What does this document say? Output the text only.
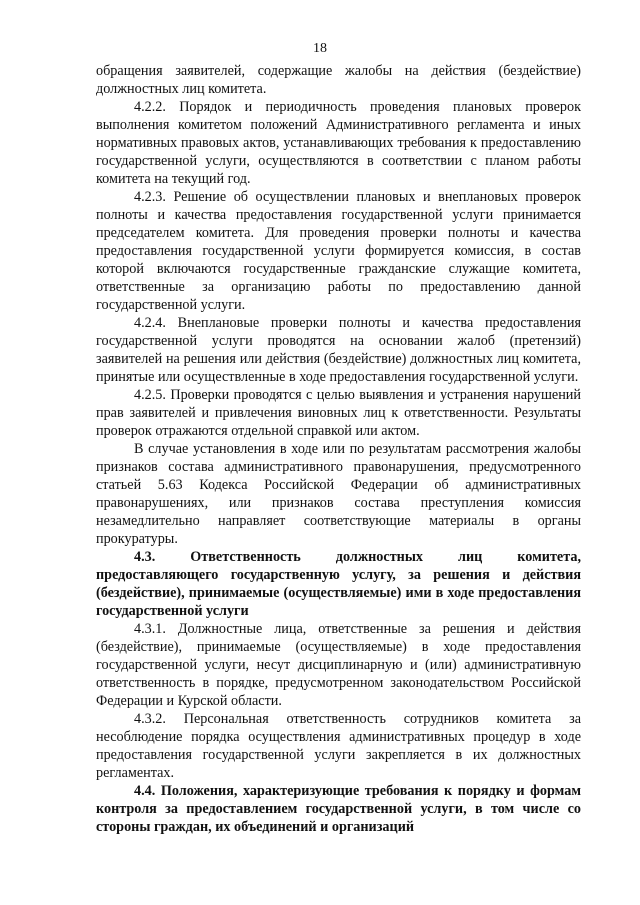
18

обращения заявителей, содержащие жалобы на действия (бездействие) должностных лиц комитета.

4.2.2. Порядок и периодичность проведения плановых проверок выполнения комитетом положений Административного регламента и иных нормативных правовых актов, устанавливающих требования к предоставлению государственной услуги, осуществляются в соответствии с планом работы комитета на текущий год.

4.2.3. Решение об осуществлении плановых и внеплановых проверок полноты и качества предоставления государственной услуги принимается председателем комитета. Для проведения проверки полноты и качества предоставления государственной услуги формируется комиссия, в состав которой включаются государственные гражданские служащие комитета, ответственные за организацию работы по предоставлению данной государственной услуги.

4.2.4. Внеплановые проверки полноты и качества предоставления государственной услуги проводятся на основании жалоб (претензий) заявителей на решения или действия (бездействие) должностных лиц комитета, принятые или осуществленные в ходе предоставления государственной услуги.

4.2.5. Проверки проводятся с целью выявления и устранения нарушений прав заявителей и привлечения виновных лиц к ответственности. Результаты проверок отражаются отдельной справкой или актом.

В случае установления в ходе или по результатам рассмотрения жалобы признаков состава административного правонарушения, предусмотренного статьей 5.63 Кодекса Российской Федерации об административных правонарушениях, или признаков состава преступления комиссия незамедлительно направляет соответствующие материалы в органы прокуратуры.

4.3. Ответственность должностных лиц комитета, предоставляющего государственную услугу, за решения и действия (бездействие), принимаемые (осуществляемые) ими в ходе предоставления государственной услуги

4.3.1. Должностные лица, ответственные за решения и действия (бездействие), принимаемые (осуществляемые) в ходе предоставления государственной услуги, несут дисциплинарную и (или) административную ответственность в порядке, предусмотренном законодательством Российской Федерации и Курской области.

4.3.2. Персональная ответственность сотрудников комитета за несоблюдение порядка осуществления административных процедур в ходе предоставления государственной услуги закрепляется в их должностных регламентах.

4.4. Положения, характеризующие требования к порядку и формам контроля за предоставлением государственной услуги, в том числе со стороны граждан, их объединений и организаций
